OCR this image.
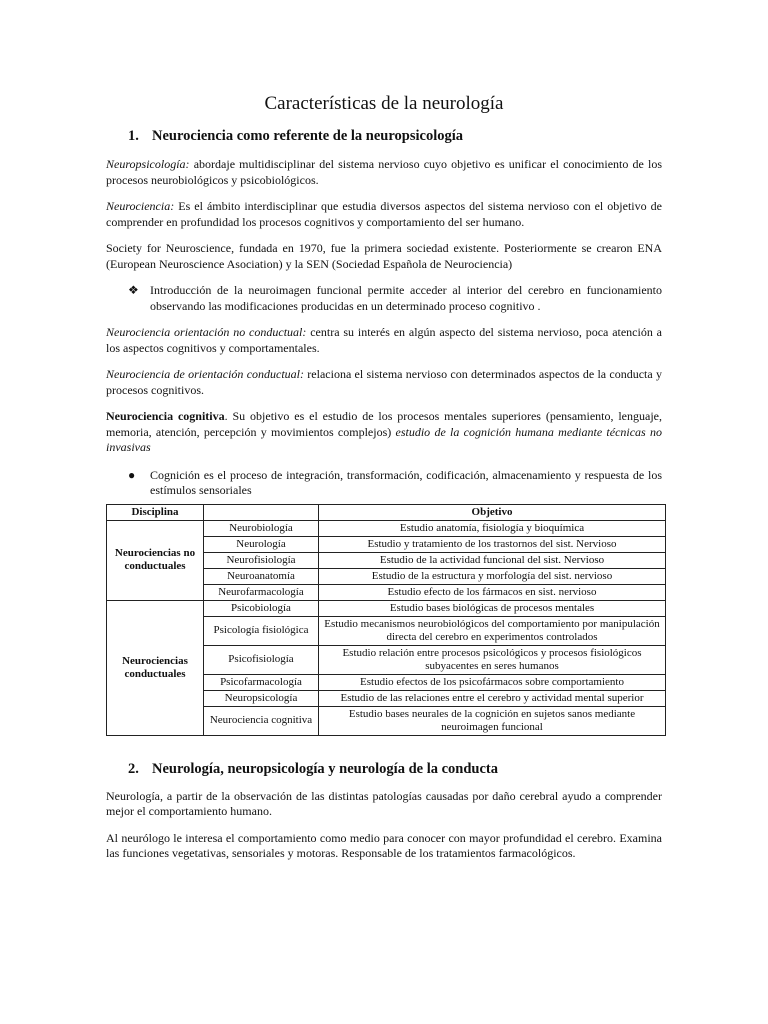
Características de la neurología
1. Neurociencia como referente de la neuropsicología

Neuropsicología: abordaje multidisciplinar del sistema nervioso cuyo objetivo es unificar el conocimiento de los procesos neurobiológicos y psicobiológicos.

Neurociencia: Es el ámbito interdisciplinar que estudia diversos aspectos del sistema nervioso con el objetivo de comprender en profundidad los procesos cognitivos y comportamiento del ser humano.

Society for Neuroscience, fundada en 1970, fue la primera sociedad existente. Posteriormente se crearon ENA (European Neuroscience Asociation) y la SEN (Sociedad Española de Neurociencia)

❖ Introducción de la neuroimagen funcional permite acceder al interior del cerebro en funcionamiento observando las modificaciones producidas en un determinado proceso cognitivo .

Neurociencia orientación no conductual: centra su interés en algún aspecto del sistema nervioso, poca atención a los aspectos cognitivos y comportamentales.

Neurociencia de orientación conductual: relaciona el sistema nervioso con determinados aspectos de la conducta y procesos cognitivos.

Neurociencia cognitiva. Su objetivo es el estudio de los procesos mentales superiores (pensamiento, lenguaje, memoria, atención, percepción y movimientos complejos) estudio de la cognición humana mediante técnicas no invasivas

●	Cognición es el proceso de integración, transformación, codificación, almacenamiento y respuesta de los estímulos sensoriales
Disciplina		Objetivo
Neurociencias no conductuales	Neurobiología	Estudio anatomía, fisiología y bioquímica
	Neurología	Estudio y tratamiento de los trastornos del sist. Nervioso
	Neurofisiología	Estudio de la actividad funcional del sist. Nervioso
	Neuroanatomía	Estudio de la estructura y morfología del sist. nervioso
	Neurofarmacología	Estudio efecto de los fármacos en sist. nervioso
Neurociencias conductuales	Psicobiología	Estudio bases biológicas de procesos mentales
	Psicología fisiológica	Estudio mecanismos neurobiológicos del comportamiento por manipulación directa del cerebro en experimentos controlados
	Psicofisiología	Estudio relación entre procesos psicológicos y procesos fisiológicos subyacentes en seres humanos
	Psicofarmacología	Estudio efectos de los psicofármacos sobre comportamiento
	Neuropsicología	Estudio de las relaciones entre el cerebro y actividad mental superior
	Neurociencia cognitiva	Estudio bases neurales de la cognición en sujetos sanos mediante neuroimagen funcional
2. Neurología, neuropsicología y neurología de la conducta

Neurología, a partir de la observación de las distintas patologías causadas por daño cerebral ayudo a comprender mejor el comportamiento humano.

Al neurólogo le interesa el comportamiento como medio para conocer con mayor profundidad el cerebro. Examina las funciones vegetativas, sensoriales y motoras. Responsable de los tratamientos farmacológicos.
